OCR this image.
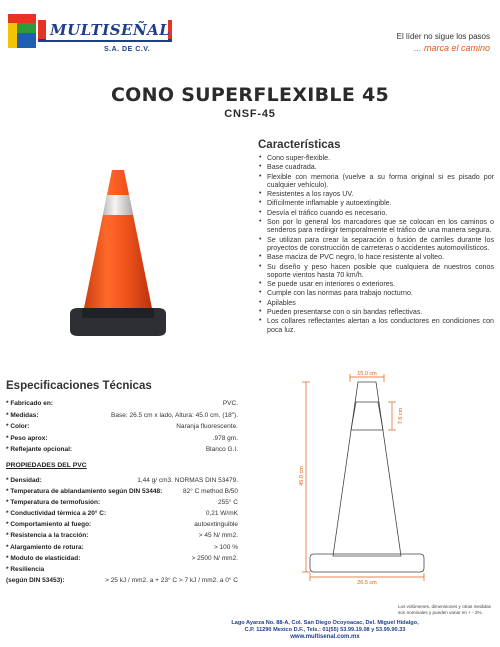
MULTISEÑAL
S.A. DE C.V.
El líder no sigue los pasos
... marca el camino
CONO SUPERFLEXIBLE 45
CNSF-45
Características
• Cono super-flexible.
• Base cuadrada.
• Flexible con memoria (vuelve a su forma original si es pisado por cualquier vehículo).
• Resistentes a los rayos UV.
• Difícilmente inflamable y autoextingible.
• Desvía el tráfico cuando es necesario.
• Son por lo general los marcadores que se colocan en los caminos o senderos para redirigir temporalmente el tráfico de una manera segura.
• Se utilizan para crear la separación o fusión de carriles durante los proyectos de construcción de carreteras o accidentes automovilísticos.
• Base maciza de PVC negro, lo hace resistente al volteo.
• Su diseño y peso hacen posible que cualquiera de nuestros conos soporte vientos hasta 70 km/h.
• Se puede usar en interiores o exteriores.
• Cumple con las normas para trabajo nocturno.
• Apilables
• Pueden presentarse con o sin bandas reflectivas.
• Los collares reflectantes alertan a los conductores en condiciones con poca luz.
Especificaciones Técnicas
* Fabricado en:	PVC.
* Medidas:	Base: 26.5 cm x lado, Altura: 45.0 cm. (18").
* Color:	Naranja fluorescente.
* Peso aprox:	.978 gm.
* Reflejante opcional:	Blanco G.I.
PROPIEDADES DEL PVC
* Densidad:	1,44 g/ cm3. NORMAS DIN 53479.
* Temperatura de ablandamiento según DIN 53448:	82° C method B/50
* Temperatura de termofusión:	255° C
* Conductividad térmica a 20° C:	0,21 W/mK
* Comportamiento al fuego:	autoextinguible
* Resistencia a la tracción:	> 45 N/ mm2.
* Alargamiento de rotura:	> 100 %
* Modulo de elasticidad:	> 2500 N/ mm2.
* Resiliencia
(según DIN 53453):	> 25 kJ / mm2. a + 23° C > 7 kJ / mm2. a 0° C
15.0 cm
7.6 cm
45.0 cm
26.5 cm
Los volúmenes, dimensiones y otras medidas son nominales y pueden variar en + - 2%.
Lago Ayarza No. 88-A, Col. San Diego Ocoyoacac, Del. Miguel Hidalgo,
C.P. 11290 Mexico D.F., Tels.: 01(55) 53.99.19.08 y 53.99.90.33
www.multisenal.com.mx
